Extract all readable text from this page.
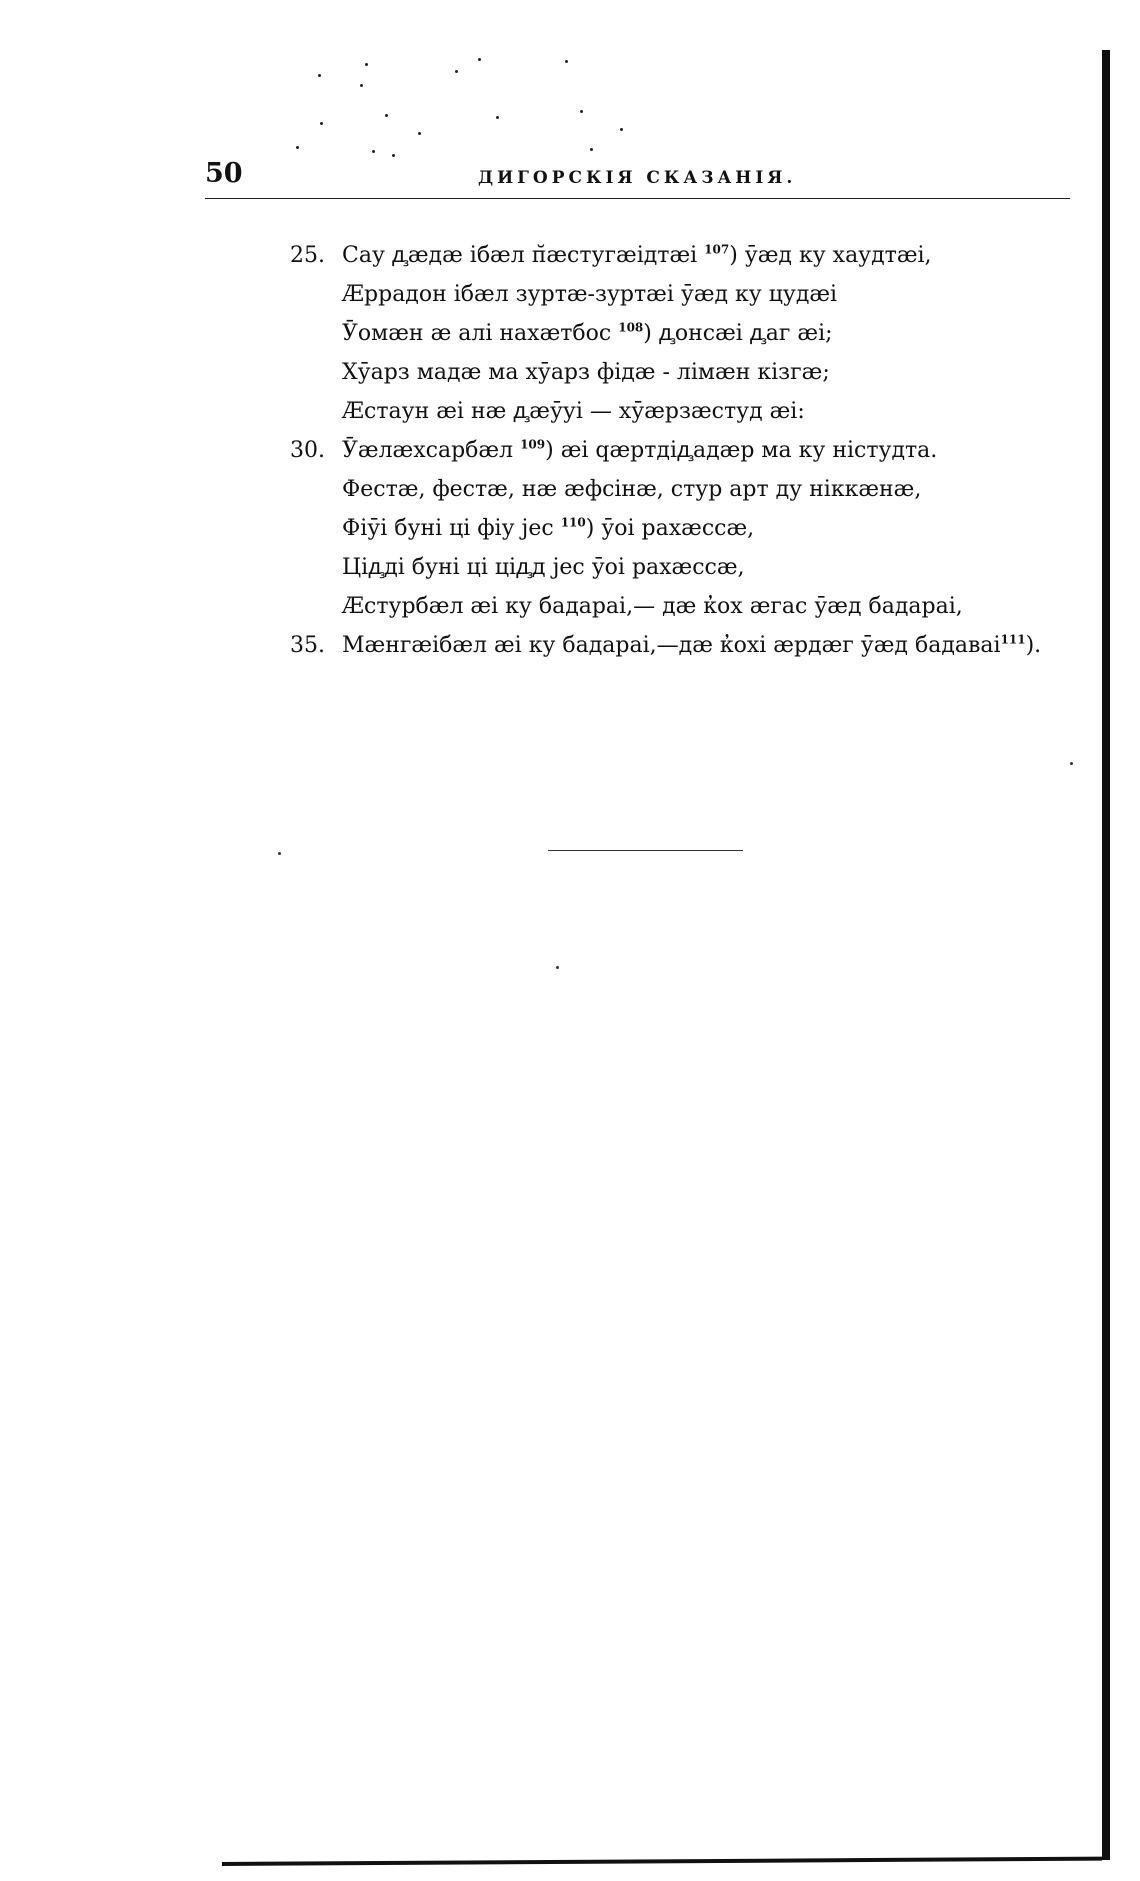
50	ДИГОРСКІЯ СКАЗАНІЯ.
25. Сау ꚉæдæ ібæл п̆æстугæідтæі $^{107}$) ӯæд ку хаудтæі,
Æррадон ібæл зуртæ-зуртæі ӯæд ку цудæі
Ӯомæн æ алі нахæтбос $^{108}$) ꚉонсæі ꚉаг æі;
Хӯарз мадæ ма хӯарз фідæ - лімæн кізгæ;
Æстаун æі нæ ꚉæӯуі — хӯæрзæстуд æі:
30. Ӯæлæхсарбæл $^{109}$) æі qæртдіꚉадæр ма ку ністудта.
Фестæ, фестæ, нæ æфсінæ, стур арт ду ніккæнæ,
Фіӯі буні ці фіу јес $^{110}$) ӯоі рахæссæ,
Ціꚉді буні ці ціꚉд јес ӯоі рахæссæ,
Æстурбæл æі ку бадараі,— дæ к̓ох æгас ӯæд бадараі,
35. Мæнгæібæл æі ку бадараі,—дæ к̓охі æрдæг ӯæд бадаваі$^{111}$).
